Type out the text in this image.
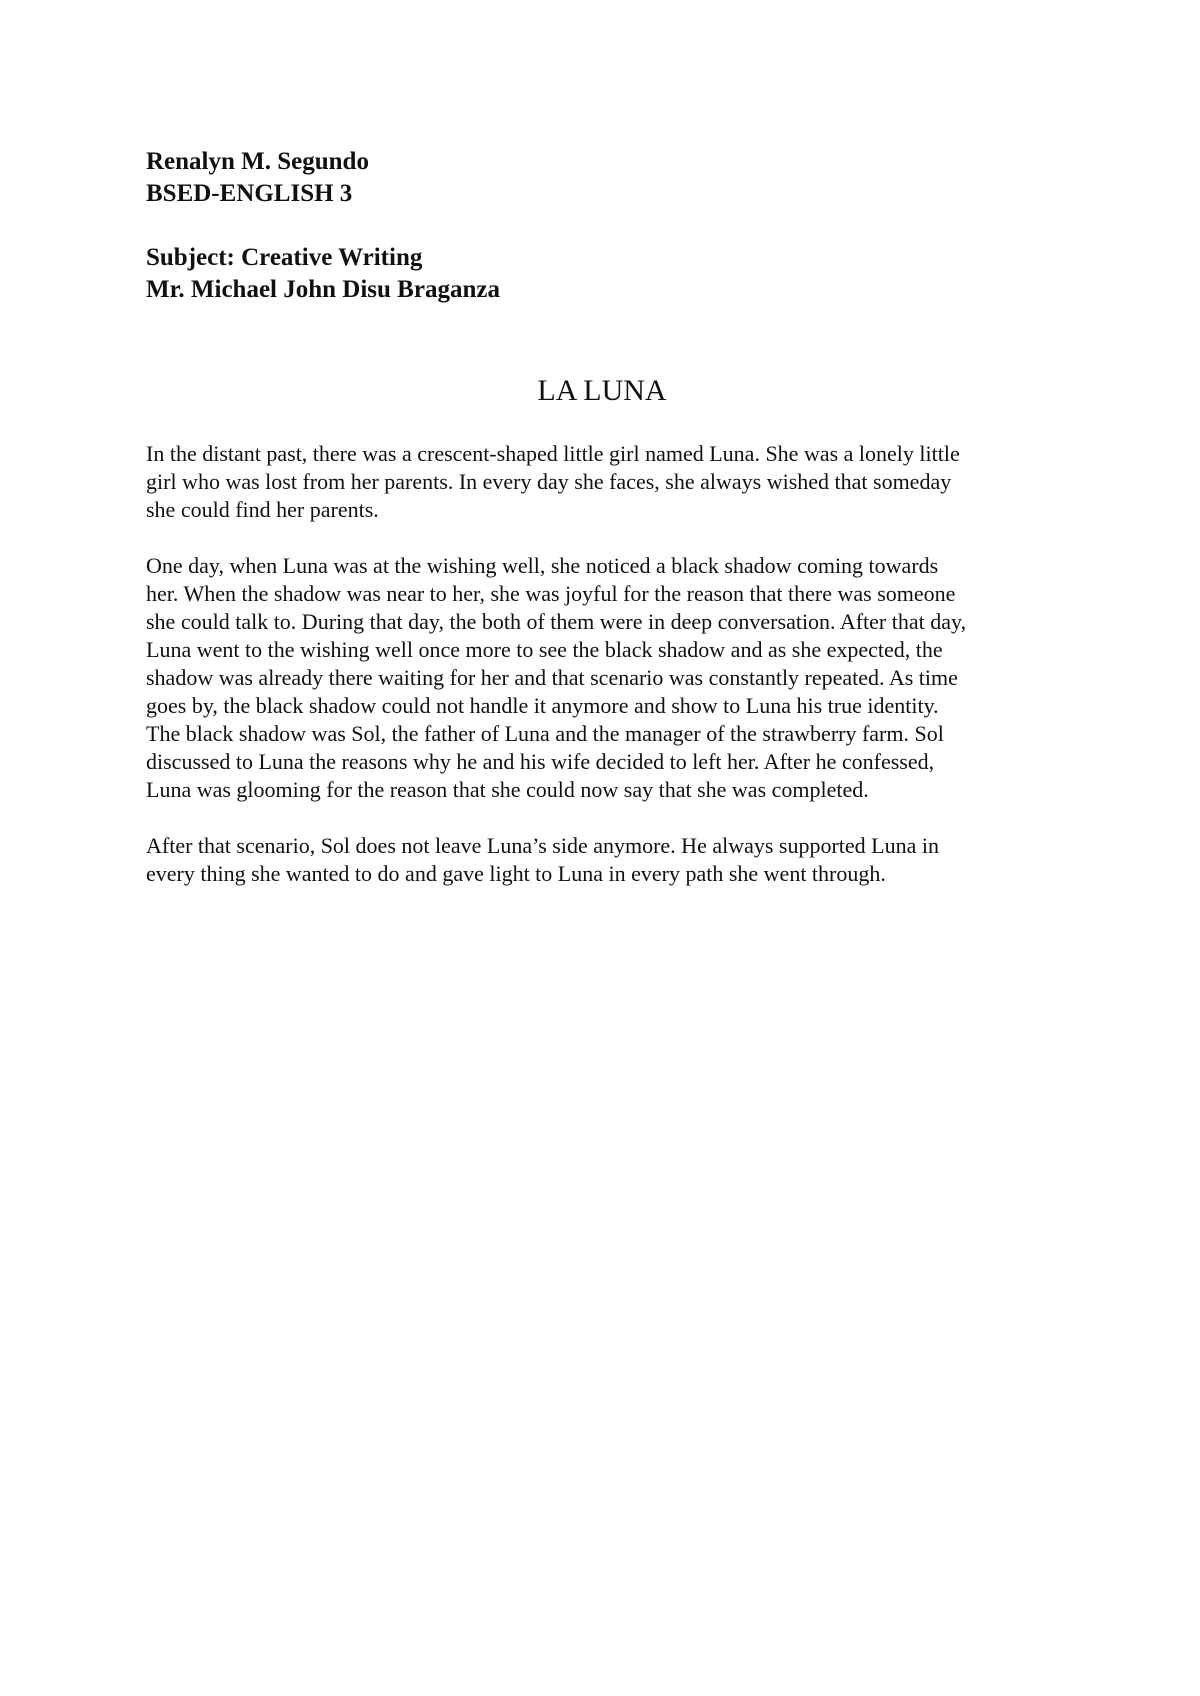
Renalyn M. Segundo
BSED-ENGLISH 3
Subject: Creative Writing
Mr. Michael John Disu Braganza
LA LUNA

In the distant past, there was a crescent-shaped little girl named Luna. She was a lonely little
girl who was lost from her parents. In every day she faces, she always wished that someday
she could find her parents.

One day, when Luna was at the wishing well, she noticed a black shadow coming towards
her. When the shadow was near to her, she was joyful for the reason that there was someone
she could talk to. During that day, the both of them were in deep conversation. After that day,
Luna went to the wishing well once more to see the black shadow and as she expected, the
shadow was already there waiting for her and that scenario was constantly repeated. As time
goes by, the black shadow could not handle it anymore and show to Luna his true identity.
The black shadow was Sol, the father of Luna and the manager of the strawberry farm. Sol
discussed to Luna the reasons why he and his wife decided to left her. After he confessed,
Luna was glooming for the reason that she could now say that she was completed.

After that scenario, Sol does not leave Luna’s side anymore. He always supported Luna in
every thing she wanted to do and gave light to Luna in every path she went through.
